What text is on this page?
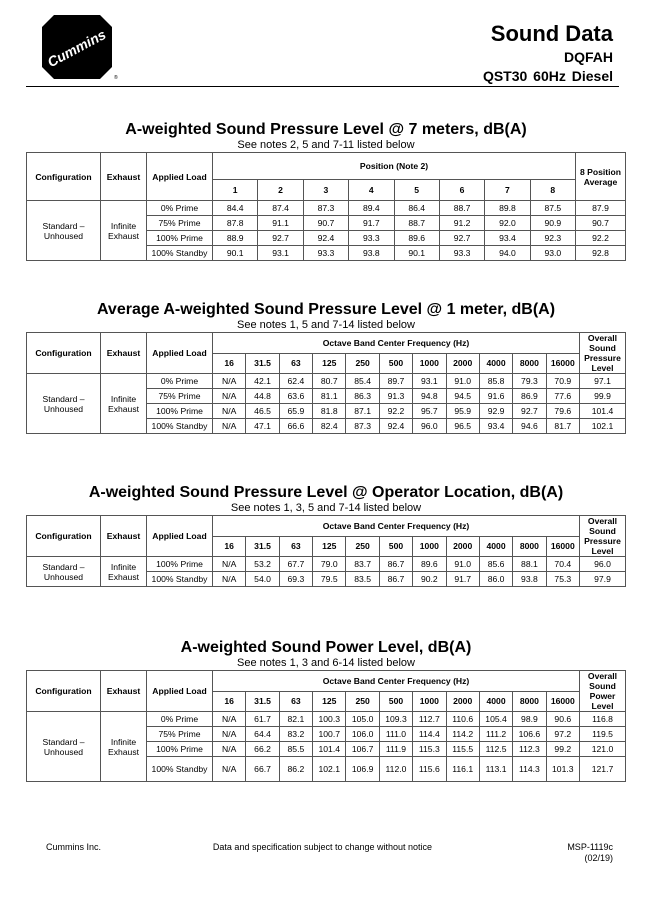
Cummins
®
Sound Data
DQFAH
QST30 60Hz Diesel
A-weighted Sound Pressure Level @ 7 meters, dB(A)
See notes 2, 5 and 7-11 listed below
Configuration	Exhaust	Applied Load	Position (Note 2)								8 Position Average
			1	2	3	4	5	6	7	8	
Standard – Unhoused	Infinite Exhaust	0% Prime	84.4	87.4	87.3	89.4	86.4	88.7	89.8	87.5	87.9
		75% Prime	87.8	91.1	90.7	91.7	88.7	91.2	92.0	90.9	90.7
		100% Prime	88.9	92.7	92.4	93.3	89.6	92.7	93.4	92.3	92.2
		100% Standby	90.1	93.1	93.3	93.8	90.1	93.3	94.0	93.0	92.8
Average A-weighted Sound Pressure Level @ 1 meter, dB(A)
See notes 1, 5 and 7-14 listed below
Configuration	Exhaust	Applied Load	Octave Band Center Frequency (Hz)											Overall Sound Pressure Level
			16	31.5	63	125	250	500	1000	2000	4000	8000	16000	
Standard – Unhoused	Infinite Exhaust	0% Prime	N/A	42.1	62.4	80.7	85.4	89.7	93.1	91.0	85.8	79.3	70.9	97.1
		75% Prime	N/A	44.8	63.6	81.1	86.3	91.3	94.8	94.5	91.6	86.9	77.6	99.9
		100% Prime	N/A	46.5	65.9	81.8	87.1	92.2	95.7	95.9	92.9	92.7	79.6	101.4
		100% Standby	N/A	47.1	66.6	82.4	87.3	92.4	96.0	96.5	93.4	94.6	81.7	102.1
A-weighted Sound Pressure Level @ Operator Location, dB(A)
See notes 1, 3, 5 and 7-14 listed below
Configuration	Exhaust	Applied Load	Octave Band Center Frequency (Hz)											Overall Sound Pressure Level
			16	31.5	63	125	250	500	1000	2000	4000	8000	16000	
Standard – Unhoused	Infinite Exhaust	100% Prime	N/A	53.2	67.7	79.0	83.7	86.7	89.6	91.0	85.6	88.1	70.4	96.0
		100% Standby	N/A	54.0	69.3	79.5	83.5	86.7	90.2	91.7	86.0	93.8	75.3	97.9
A-weighted Sound Power Level, dB(A)
See notes 1, 3 and 6-14 listed below
Configuration	Exhaust	Applied Load	Octave Band Center Frequency (Hz)											Overall Sound Power Level
			16	31.5	63	125	250	500	1000	2000	4000	8000	16000	
Standard – Unhoused	Infinite Exhaust	0% Prime	N/A	61.7	82.1	100.3	105.0	109.3	112.7	110.6	105.4	98.9	90.6	116.8
		75% Prime	N/A	64.4	83.2	100.7	106.0	111.0	114.4	114.2	111.2	106.6	97.2	119.5
		100% Prime	N/A	66.2	85.5	101.4	106.7	111.9	115.3	115.5	112.5	112.3	99.2	121.0
		100% Standby	N/A	66.7	86.2	102.1	106.9	112.0	115.6	116.1	113.1	114.3	101.3	121.7
Cummins Inc.	Data and specification subject to change without notice	MSP-1119c
(02/19)
